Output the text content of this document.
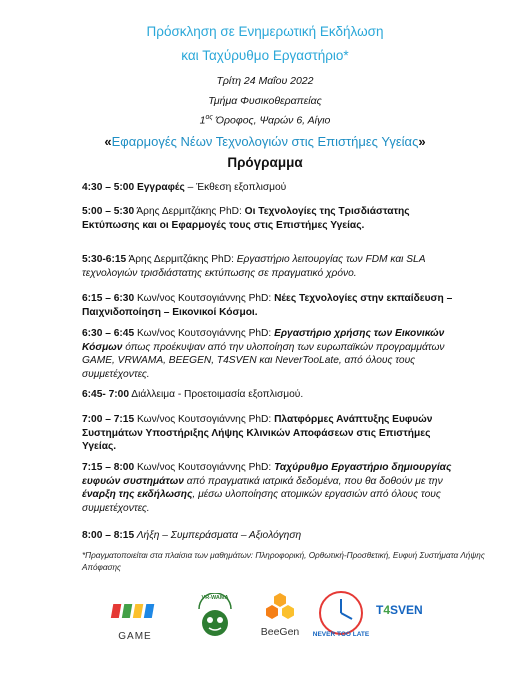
Πρόσκληση σε Ενημερωτική Εκδήλωση
και Ταχύρυθμο Εργαστήριο*
Τρίτη 24 Μαΐου 2022
Τμήμα Φυσικοθεραπείας
$1^{o\varsigma}$ Όροφος, Ψαρών 6, Αίγιο
«Εφαρμογές Νέων Τεχνολογιών στις Επιστήμες Υγείας»
Πρόγραμμα
4:30 – 5:00 Εγγραφές – Έκθεση εξοπλισμού
5:00 – 5:30 Άρης Δερμιτζάκης PhD: Οι Τεχνολογίες της Τρισδιάστατης Εκτύπωσης και οι Εφαρμογές τους στις Επιστήμες Υγείας.
5:30-6:15 Άρης Δερμιτζάκης PhD: Εργαστήριο λειτουργίας των FDM και SLA τεχνολογιών τρισδιάστατης εκτύπωσης σε πραγματικό χρόνο.
6:15 – 6:30 Κων/νος Κουτσογιάννης PhD: Νέες Τεχνολογίες στην εκπαίδευση – Παιχνιδοποίηση – Εικονικοί Κόσμοι.
6:30 – 6:45 Κων/νος Κουτσογιάννης PhD: Εργαστήριο χρήσης των Εικονικών Κόσμων όπως προέκυψαν από την υλοποίηση των ευρωπαϊκών προγραμμάτων GAME, VRWAMA, BEEGEN, T4SVEN και NeverTooLate, από όλους τους συμμετέχοντες.
6:45- 7:00 Διάλλειμα - Προετοιμασία εξοπλισμού.
7:00 – 7:15 Κων/νος Κουτσογιάννης PhD: Πλατφόρμες Ανάπτυξης Ευφυών Συστημάτων Υποστήριξης Λήψης Κλινικών Αποφάσεων στις Επιστήμες Υγείας.
7:15 – 8:00 Κων/νος Κουτσογιάννης PhD: Ταχύρυθμο Εργαστήριο δημιουργίας ευφυών συστημάτων από πραγματικά ιατρικά δεδομένα, που θα δοθούν με την έναρξη της εκδήλωσης, μέσω υλοποίησης ατομικών εργασιών από όλους τους συμμετέχοντες.
8:00 – 8:15 Λήξη – Συμπεράσματα – Αξιολόγηση
*Πραγματοποιείται στα πλαίσια των μαθημάτων: Πληροφορική, Ορθωτική-Προσθετική, Ευφυή Συστήματα Λήψης Απόφασης
GAME
VR-WAMA
BeeGen	NEVER TOO LATE
T4SVEN
